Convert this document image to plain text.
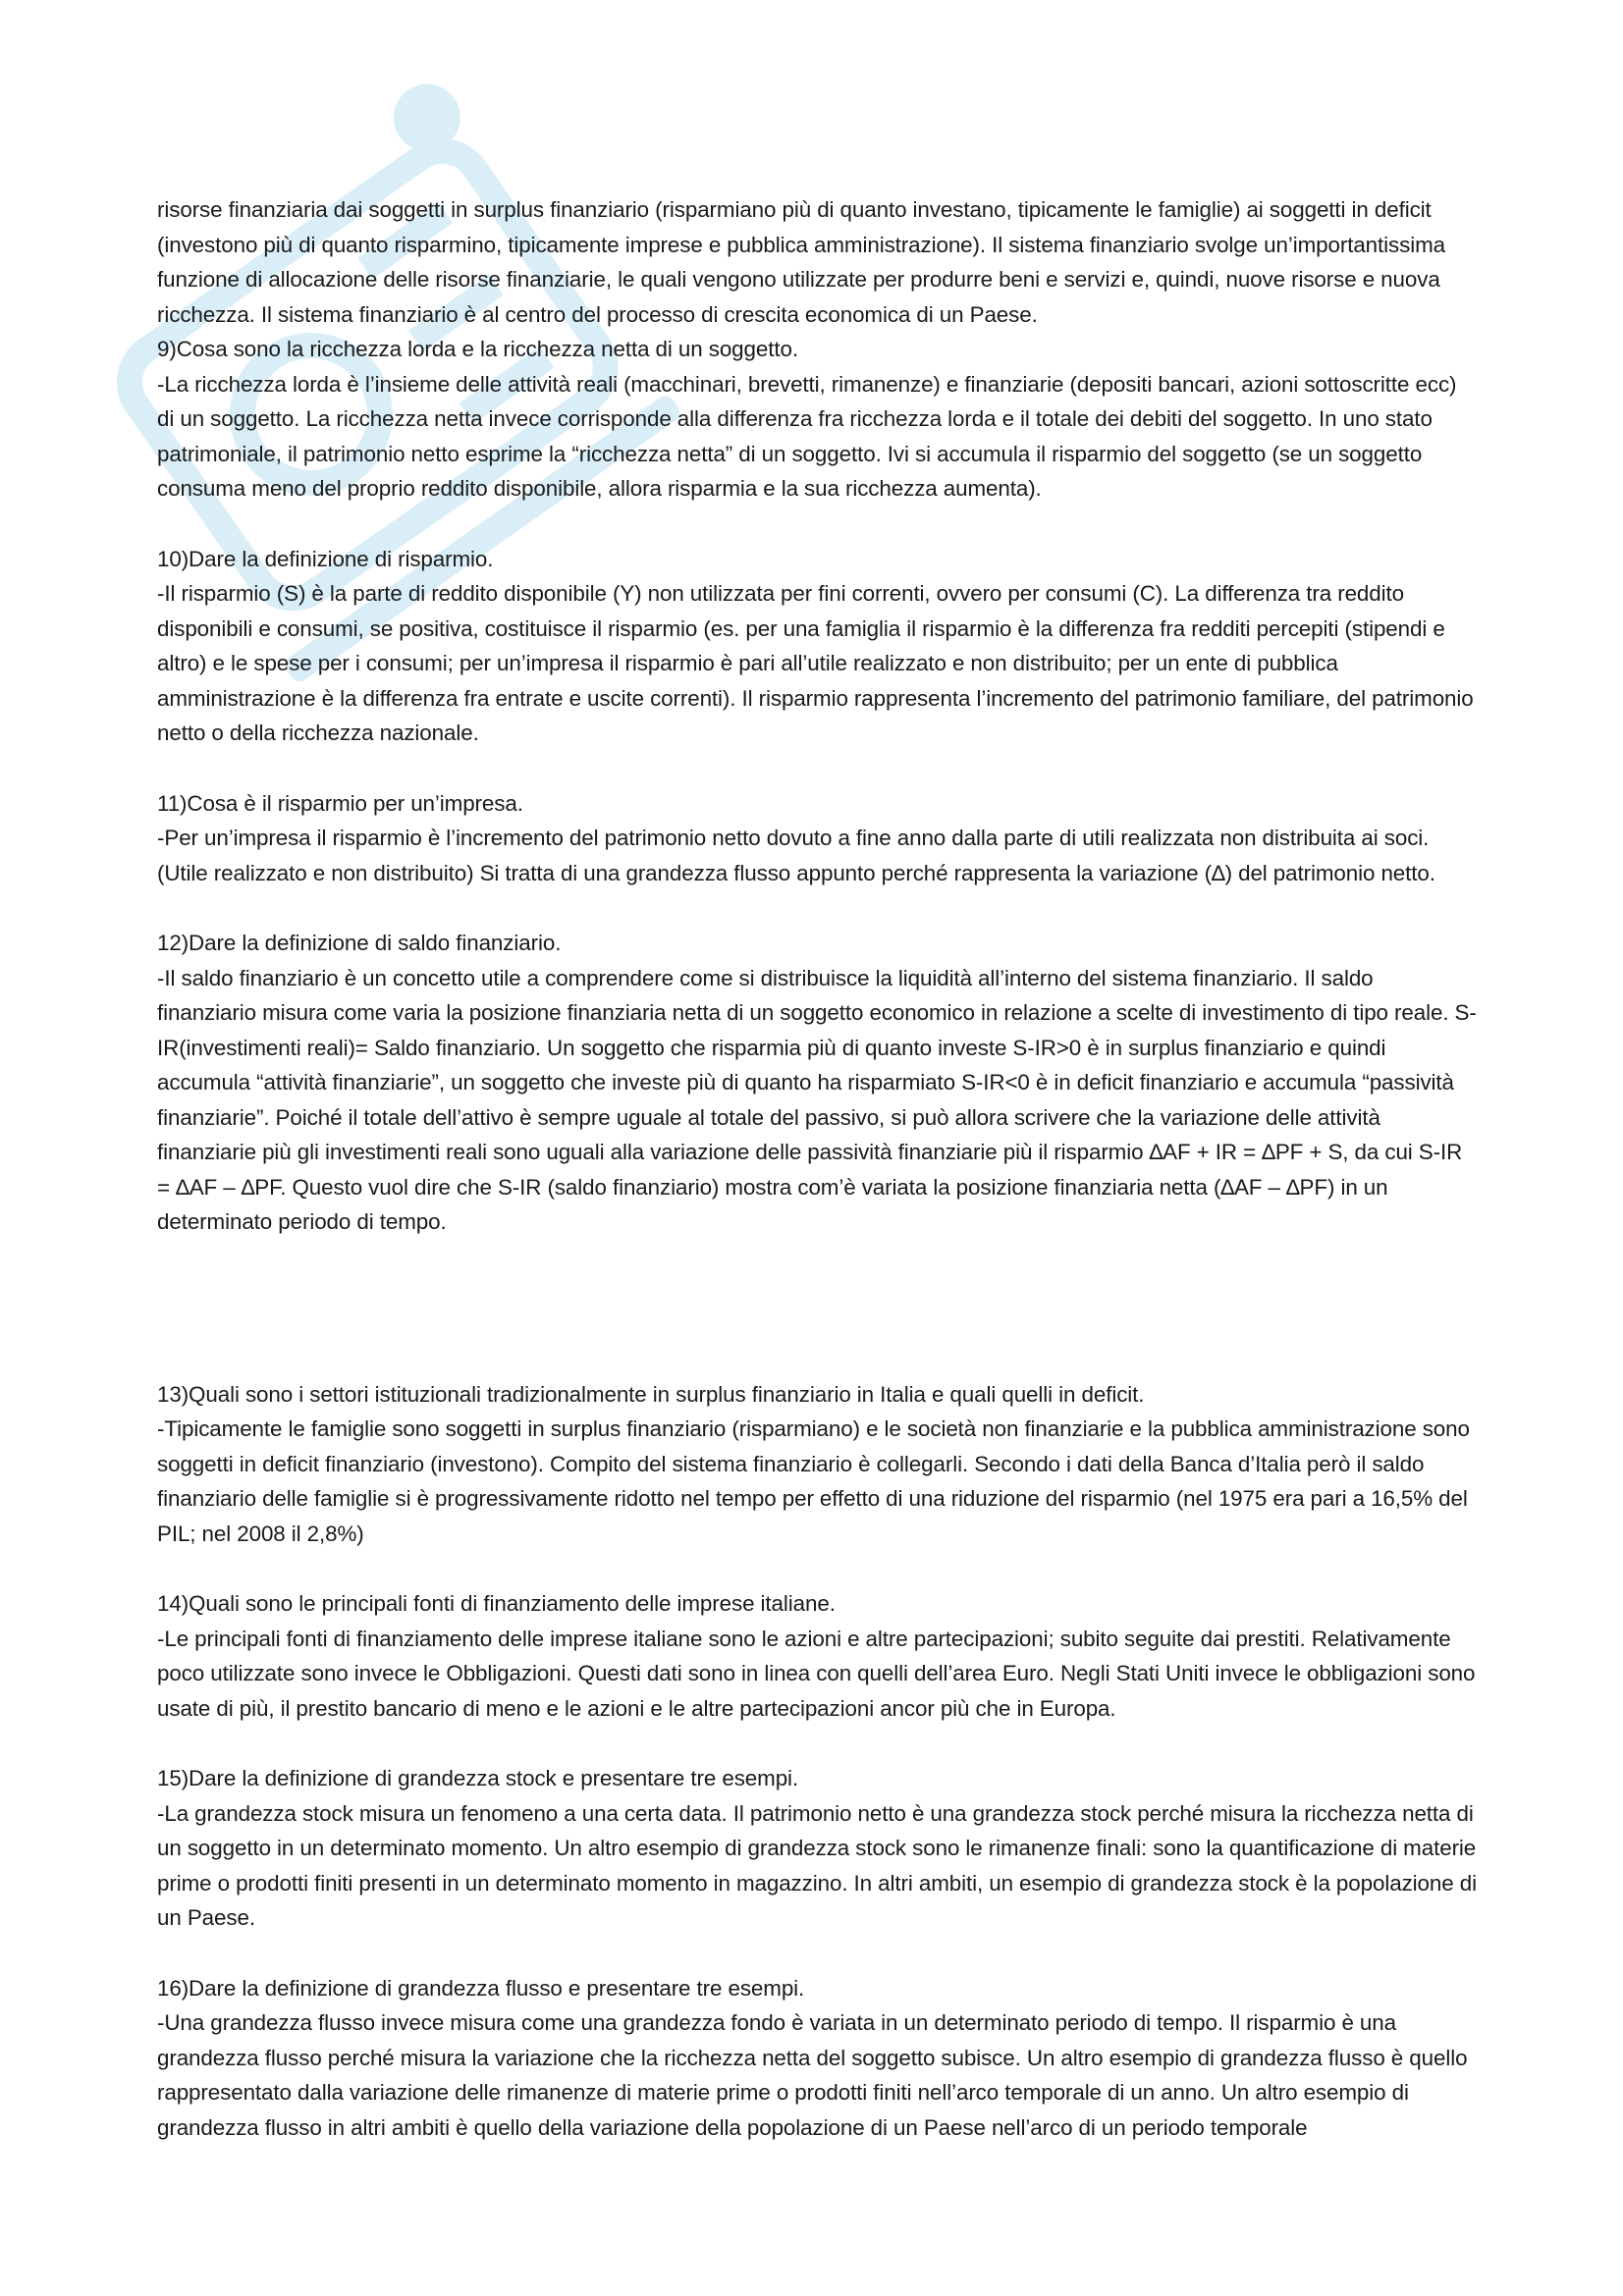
risorse finanziaria dai soggetti in surplus finanziario (risparmiano più di quanto investano, tipicamente le famiglie) ai soggetti in deficit (investono più di quanto risparmino, tipicamente imprese e pubblica amministrazione). Il sistema finanziario svolge un’importantissima funzione di allocazione delle risorse finanziarie, le quali vengono utilizzate per produrre beni e servizi e, quindi, nuove risorse e nuova ricchezza. Il sistema finanziario è al centro del processo di crescita economica di un Paese.

9)Cosa sono la ricchezza lorda e la ricchezza netta di un soggetto.

-La ricchezza lorda è l’insieme delle attività reali (macchinari, brevetti, rimanenze) e finanziarie (depositi bancari, azioni sottoscritte ecc) di un soggetto. La ricchezza netta invece corrisponde alla differenza fra ricchezza lorda e il totale dei debiti del soggetto. In uno stato patrimoniale, il patrimonio netto esprime la “ricchezza netta” di un soggetto. Ivi si accumula il risparmio del soggetto (se un soggetto consuma meno del proprio reddito disponibile, allora risparmia e la sua ricchezza aumenta).

10)Dare la definizione di risparmio.

-Il risparmio (S) è la parte di reddito disponibile (Y) non utilizzata per fini correnti, ovvero per consumi (C). La differenza tra reddito disponibili e consumi, se positiva, costituisce il risparmio (es. per una famiglia il risparmio è la differenza fra redditi percepiti (stipendi e altro) e le spese per i consumi; per un’impresa il risparmio è pari all’utile realizzato e non distribuito; per un ente di pubblica amministrazione è la differenza fra entrate e uscite correnti). Il risparmio rappresenta l’incremento del patrimonio familiare, del patrimonio netto o della ricchezza nazionale.

11)Cosa è il risparmio per un’impresa.

-Per un’impresa il risparmio è l’incremento del patrimonio netto dovuto a fine anno dalla parte di utili realizzata non distribuita ai soci. (Utile realizzato e non distribuito) Si tratta di una grandezza flusso appunto perché rappresenta la variazione (∆) del patrimonio netto.

12)Dare la definizione di saldo finanziario.

-Il saldo finanziario è un concetto utile a comprendere come si distribuisce la liquidità all’interno del sistema finanziario. Il saldo finanziario misura come varia la posizione finanziaria netta di un soggetto economico in relazione a scelte di investimento di tipo reale. S-IR(investimenti reali)= Saldo finanziario. Un soggetto che risparmia più di quanto investe S-IR>0 è in surplus finanziario e quindi accumula “attività finanziarie”, un soggetto che investe più di quanto ha risparmiato S-IR<0 è in deficit finanziario e accumula “passività finanziarie”. Poiché il totale dell’attivo è sempre uguale al totale del passivo, si può allora scrivere che la variazione delle attività finanziarie più gli investimenti reali sono uguali alla variazione delle passività finanziarie più il risparmio ∆AF + IR = ∆PF + S, da cui S-IR = ∆AF – ∆PF. Questo vuol dire che S-IR (saldo finanziario) mostra com’è variata la posizione finanziaria netta (∆AF – ∆PF) in un determinato periodo di tempo.

13)Quali sono i settori istituzionali tradizionalmente in surplus finanziario in Italia e quali quelli in deficit.

-Tipicamente le famiglie sono soggetti in surplus finanziario (risparmiano) e le società non finanziarie e la pubblica amministrazione sono soggetti in deficit finanziario (investono). Compito del sistema finanziario è collegarli. Secondo i dati della Banca d’Italia però il saldo finanziario delle famiglie si è progressivamente ridotto nel tempo per effetto di una riduzione del risparmio (nel 1975 era pari a 16,5% del PIL; nel 2008 il 2,8%)

14)Quali sono le principali fonti di finanziamento delle imprese italiane.

-Le principali fonti di finanziamento delle imprese italiane sono le azioni e altre partecipazioni; subito seguite dai prestiti. Relativamente poco utilizzate sono invece le Obbligazioni. Questi dati sono in linea con quelli dell’area Euro. Negli Stati Uniti invece le obbligazioni sono usate di più, il prestito bancario di meno e le azioni e le altre partecipazioni ancor più che in Europa.

15)Dare la definizione di grandezza stock e presentare tre esempi.

-La grandezza stock misura un fenomeno a una certa data. Il patrimonio netto è una grandezza stock perché misura la ricchezza netta di un soggetto in un determinato momento. Un altro esempio di grandezza stock sono le rimanenze finali: sono la quantificazione di materie prime o prodotti finiti presenti in un determinato momento in magazzino. In altri ambiti, un esempio di grandezza stock è la popolazione di un Paese.

16)Dare la definizione di grandezza flusso e presentare tre esempi.

-Una grandezza flusso invece misura come una grandezza fondo è variata in un determinato periodo di tempo. Il risparmio è una grandezza flusso perché misura la variazione che la ricchezza netta del soggetto subisce. Un altro esempio di grandezza flusso è quello rappresentato dalla variazione delle rimanenze di materie prime o prodotti finiti nell’arco temporale di un anno. Un altro esempio di grandezza flusso in altri ambiti è quello della variazione della popolazione di un Paese nell’arco di un periodo temporale
